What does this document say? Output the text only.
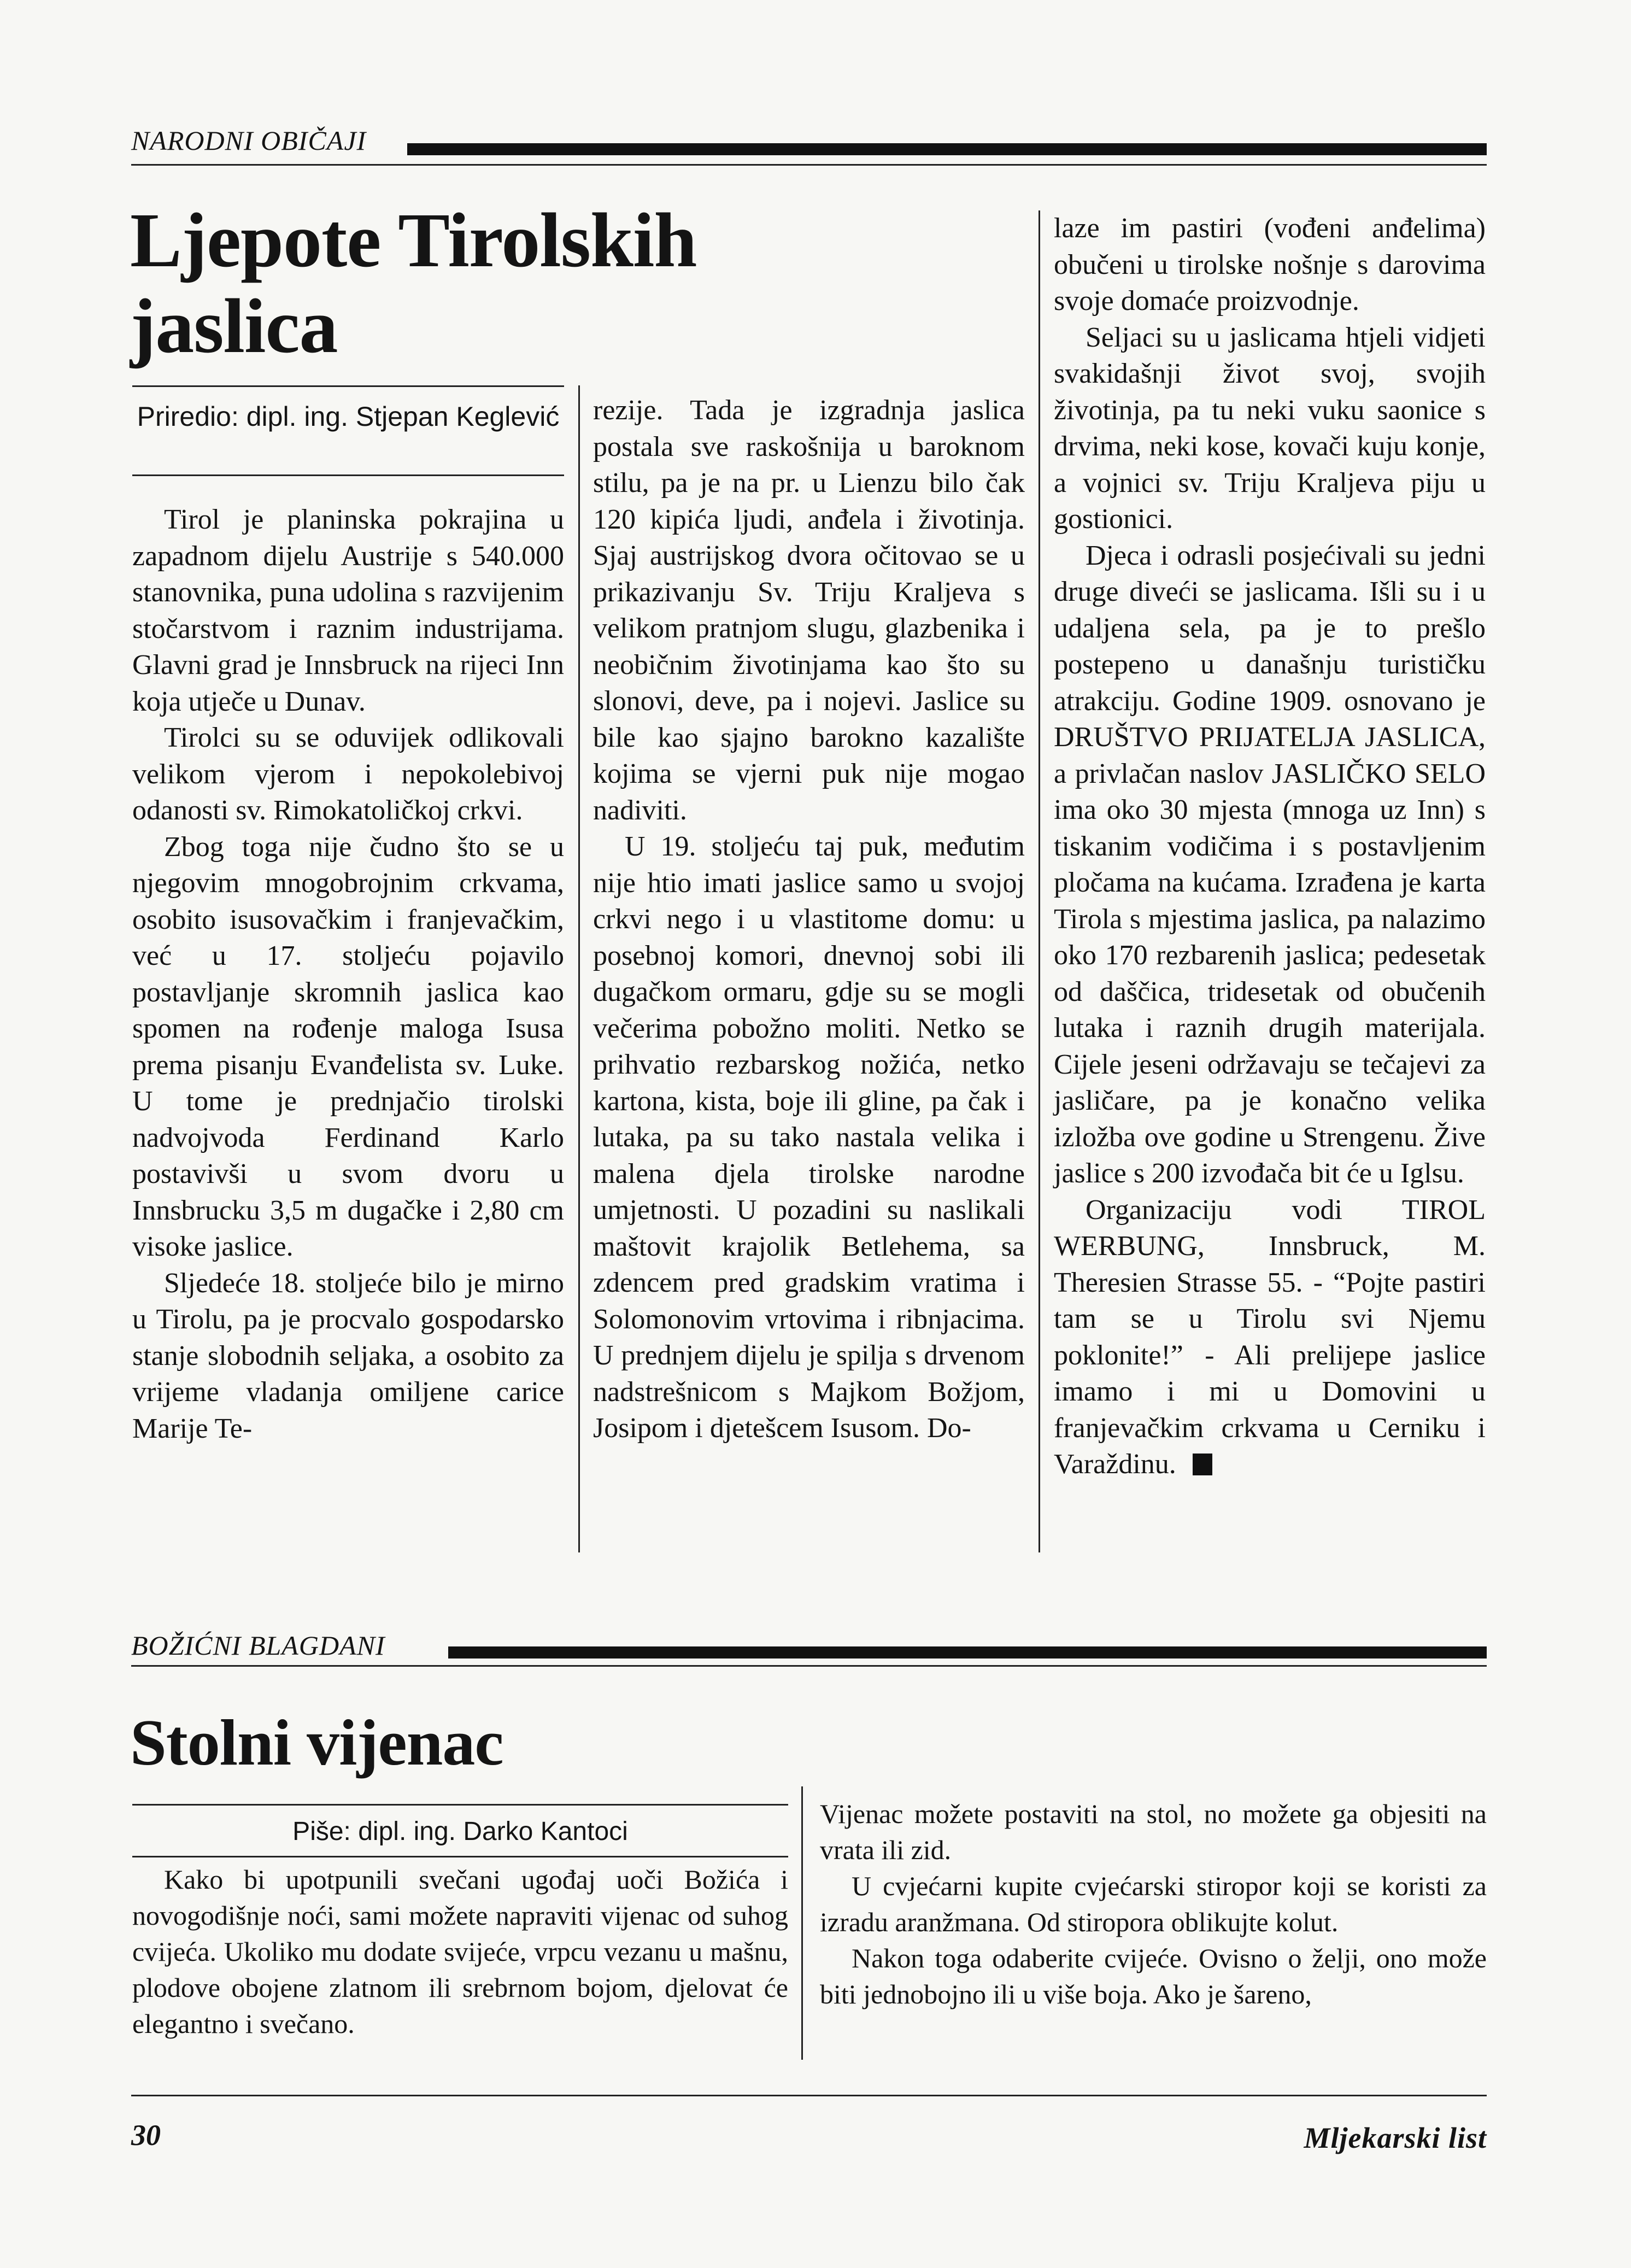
NARODNI OBIČAJI
Ljepote Tirolskih
jaslica
Priredio: dipl. ing. Stjepan Keglević

Tirol je planinska pokrajina u zapadnom dijelu Austrije s 540.000 stanovnika, puna udolina s razvijenim stočarstvom i raznim industrijama. Glavni grad je Innsbruck na rijeci Inn koja utječe u Dunav.

Tirolci su se oduvijek odlikovali velikom vjerom i nepokolebivoj odanosti sv. Rimokatoličkoj crkvi.

Zbog toga nije čudno što se u njegovim mnogobrojnim crkvama, osobito isusovačkim i franjevačkim, već u 17. stoljeću pojavilo postavljanje skromnih jaslica kao spomen na rođenje maloga Isusa prema pisanju Evanđelista sv. Luke. U tome je prednjačio tirolski nadvojvoda Ferdinand Karlo postavivši u svom dvoru u Innsbrucku 3,5 m dugačke i 2,80 cm visoke jaslice.

Sljedeće 18. stoljeće bilo je mirno u Tirolu, pa je procvalo gospodarsko stanje slobodnih seljaka, a osobito za vrijeme vladanja omiljene carice Marije Te-

rezije. Tada je izgradnja jaslica postala sve raskošnija u baroknom stilu, pa je na pr. u Lienzu bilo čak 120 kipića ljudi, anđela i životinja. Sjaj austrijskog dvora očitovao se u prikazivanju Sv. Triju Kraljeva s velikom pratnjom slugu, glazbenika i neobičnim životinjama kao što su slonovi, deve, pa i nojevi. Jaslice su bile kao sjajno barokno kazalište kojima se vjerni puk nije mogao nadiviti.

U 19. stoljeću taj puk, međutim nije htio imati jaslice samo u svojoj crkvi nego i u vlastitome domu: u posebnoj komori, dnevnoj sobi ili dugačkom ormaru, gdje su se mogli večerima pobožno moliti. Netko se prihvatio rezbarskog nožića, netko kartona, kista, boje ili gline, pa čak i lutaka, pa su tako nastala velika i malena djela tirolske narodne umjetnosti. U pozadini su naslikali maštovit krajolik Betlehema, sa zdencem pred gradskim vratima i Solomonovim vrtovima i ribnjacima. U prednjem dijelu je spilja s drvenom nadstrešnicom s Majkom Božjom, Josipom i djetešcem Isusom. Do-

laze im pastiri (vođeni anđelima) obučeni u tirolske nošnje s darovima svoje domaće proizvodnje.

Seljaci su u jaslicama htjeli vidjeti svakidašnji život svoj, svojih životinja, pa tu neki vuku saonice s drvima, neki kose, kovači kuju konje, a vojnici sv. Triju Kraljeva piju u gostionici.

Djeca i odrasli posjećivali su jedni druge diveći se jaslicama. Išli su i u udaljena sela, pa je to prešlo postepeno u današnju turističku atrakciju. Godine 1909. osnovano je DRUŠTVO PRIJATELJA JASLICA, a privlačan naslov JASLIČKO SELO ima oko 30 mjesta (mnoga uz Inn) s tiskanim vodičima i s postavljenim pločama na kućama. Izrađena je karta Tirola s mjestima jaslica, pa nalazimo oko 170 rezbarenih jaslica; pedesetak od daščica, tridesetak od obučenih lutaka i raznih drugih materijala. Cijele jeseni održavaju se tečajevi za jasličare, pa je konačno velika izložba ove godine u Strengenu. Žive jaslice s 200 izvođača bit će u Iglsu.

Organizaciju vodi TIROL WERBUNG, Innsbruck, M. Theresien Strasse 55. - “Pojte pastiri tam se u Tirolu svi Njemu poklonite!” - Ali prelijepe jaslice imamo i mi u Domovini u franjevačkim crkvama u Cerniku i Varaždinu.

BOŽIĆNI BLAGDANI
Stolni vijenac
Piše: dipl. ing. Darko Kantoci

Kako bi upotpunili svečani ugođaj uoči Božića i novogodišnje noći, sami možete napraviti vijenac od suhog cvijeća. Ukoliko mu dodate svijeće, vrpcu vezanu u mašnu, plodove obojene zlatnom ili srebrnom bojom, djelovat će elegantno i svečano.

Vijenac možete postaviti na stol, no možete ga objesiti na vrata ili zid.

U cvjećarni kupite cvjećarski stiropor koji se koristi za izradu aranžmana. Od stiropora oblikujte kolut.

Nakon toga odaberite cvijeće. Ovisno o želji, ono može biti jednobojno ili u više boja. Ako je šareno,

30	Mljekarski list
